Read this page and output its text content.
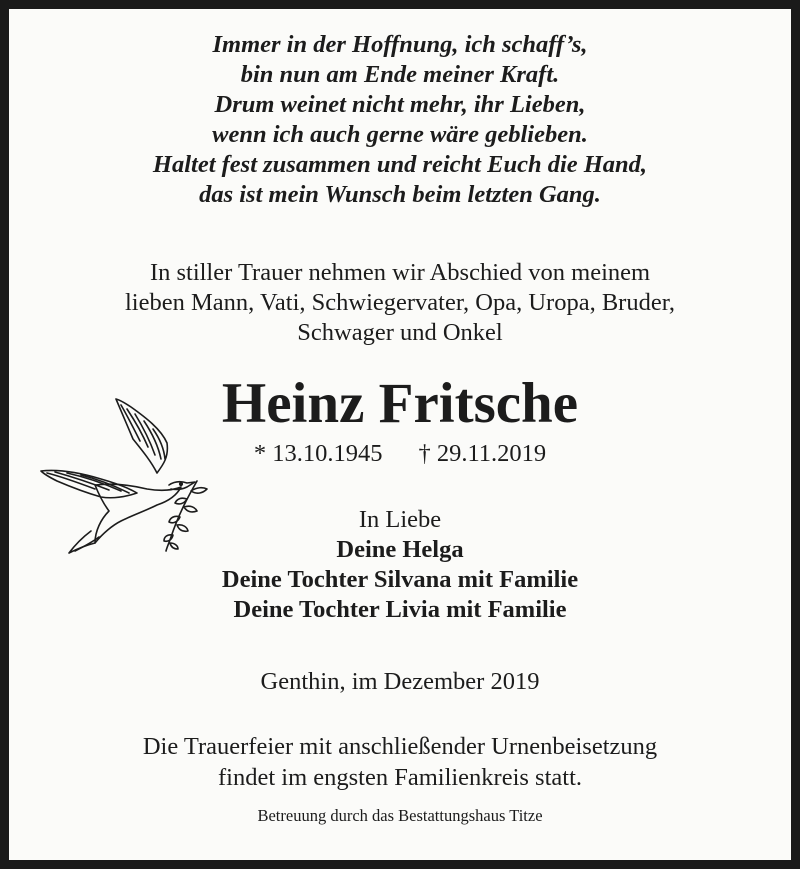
Immer in der Hoffnung, ich schaff’s,
bin nun am Ende meiner Kraft.
Drum weinet nicht mehr, ihr Lieben,
wenn ich auch gerne wäre geblieben.
Haltet fest zusammen und reicht Euch die Hand,
das ist mein Wunsch beim letzten Gang.
In stiller Trauer nehmen wir Abschied von meinem
lieben Mann, Vati, Schwiegervater, Opa, Uropa, Bruder,
Schwager und Onkel
Heinz Fritsche
* 13.10.1945 † 29.11.2019
In Liebe
Deine Helga
Deine Tochter Silvana mit Familie
Deine Tochter Livia mit Familie
Genthin, im Dezember 2019
Die Trauerfeier mit anschließender Urnenbeisetzung
findet im engsten Familienkreis statt.
Betreuung durch das Bestattungshaus Titze
